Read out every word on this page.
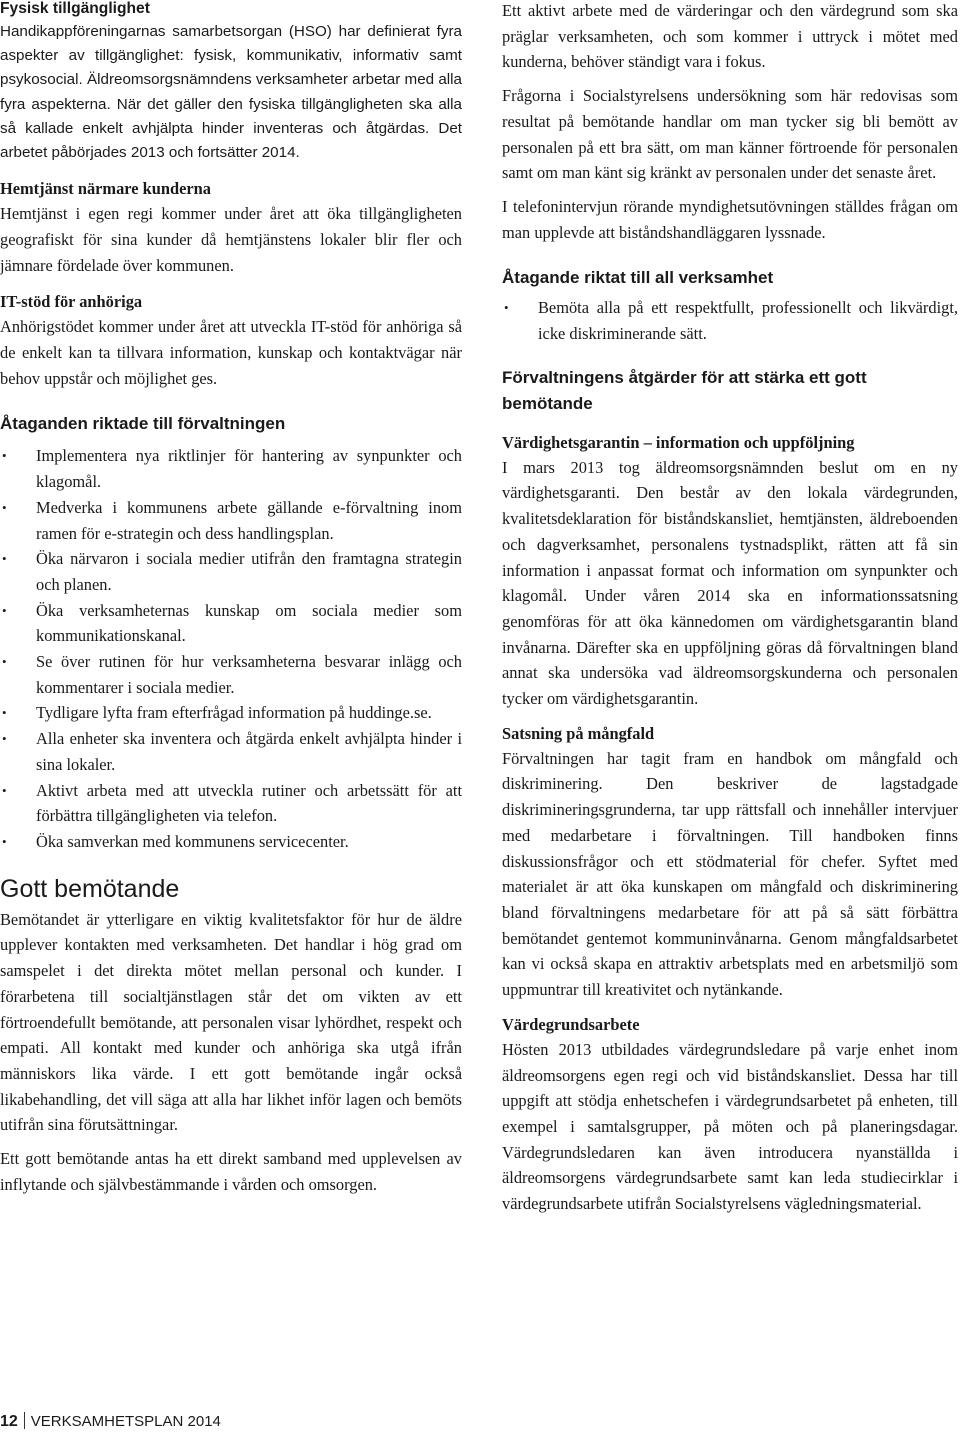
Fysisk tillgänglighet

Handikappföreningarnas samarbetsorgan (HSO) har definierat fyra aspekter av tillgänglighet: fysisk, kommunikativ, informativ samt psykosocial. Äldreomsorgsnämndens verksamheter arbetar med alla fyra aspekterna. När det gäller den fysiska tillgängligheten ska alla så kallade enkelt avhjälpta hinder inventeras och åtgärdas. Det arbetet påbörjades 2013 och fortsätter 2014.

Hemtjänst närmare kunderna

Hemtjänst i egen regi kommer under året att öka tillgängligheten geografiskt för sina kunder då hemtjänstens lokaler blir fler och jämnare fördelade över kommunen.

IT-stöd för anhöriga

Anhörigstödet kommer under året att utveckla IT-stöd för anhöriga så de enkelt kan ta tillvara information, kunskap och kontaktvägar när behov uppstår och möjlighet ges.

Åtaganden riktade till förvaltningen
• Implementera nya riktlinjer för hantering av synpunkter och klagomål.
• Medverka i kommunens arbete gällande e-förvaltning inom ramen för e-strategin och dess handlingsplan.
• Öka närvaron i sociala medier utifrån den framtagna strategin och planen.
• Öka verksamheternas kunskap om sociala medier som kommunikationskanal.
• Se över rutinen för hur verksamheterna besvarar inlägg och kommentarer i sociala medier.
• Tydligare lyfta fram efterfrågad information på huddinge.se.
• Alla enheter ska inventera och åtgärda enkelt avhjälpta hinder i sina lokaler.
• Aktivt arbeta med att utveckla rutiner och arbetssätt för att förbättra tillgängligheten via telefon.
• Öka samverkan med kommunens servicecenter.
Gott bemötande

Bemötandet är ytterligare en viktig kvalitetsfaktor för hur de äldre upplever kontakten med verksamheten. Det handlar i hög grad om samspelet i det direkta mötet mellan personal och kunder. I förarbetena till socialtjänstlagen står det om vikten av ett förtroendefullt bemötande, att personalen visar lyhördhet, respekt och empati. All kontakt med kunder och anhöriga ska utgå ifrån människors lika värde. I ett gott bemötande ingår också likabehandling, det vill säga att alla har likhet inför lagen och bemöts utifrån sina förutsättningar.

Ett gott bemötande antas ha ett direkt samband med upplevelsen av inflytande och självbestämmande i vården och omsorgen.

Ett aktivt arbete med de värderingar och den värdegrund som ska präglar verksamheten, och som kommer i uttryck i mötet med kunderna, behöver ständigt vara i fokus.

Frågorna i Socialstyrelsens undersökning som här redovisas som resultat på bemötande handlar om man tycker sig bli bemött av personalen på ett bra sätt, om man känner förtroende för personalen samt om man känt sig kränkt av personalen under det senaste året.

I telefonintervjun rörande myndighetsutövningen ställdes frågan om man upplevde att biståndshandläggaren lyssnade.

Åtagande riktat till all verksamhet
• Bemöta alla på ett respektfullt, professionellt och likvärdigt, icke diskriminerande sätt.
Förvaltningens åtgärder för att stärka ett gott bemötande
Värdighetsgarantin – information och uppföljning

I mars 2013 tog äldreomsorgsnämnden beslut om en ny värdighetsgaranti. Den består av den lokala värdegrunden, kvalitetsdeklaration för biståndskansliet, hemtjänsten, äldreboenden och dagverksamhet, personalens tystnadsplikt, rätten att få sin information i anpassat format och information om synpunkter och klagomål. Under våren 2014 ska en informationssatsning genomföras för att öka kännedomen om värdighetsgarantin bland invånarna. Därefter ska en uppföljning göras då förvaltningen bland annat ska undersöka vad äldreomsorgskunderna och personalen tycker om värdighetsgarantin.

Satsning på mångfald

Förvaltningen har tagit fram en handbok om mångfald och diskriminering. Den beskriver de lagstadgade diskrimineringsgrunderna, tar upp rättsfall och innehåller intervjuer med medarbetare i förvaltningen. Till handboken finns diskussionsfrågor och ett stödmaterial för chefer. Syftet med materialet är att öka kunskapen om mångfald och diskriminering bland förvaltningens medarbetare för att på så sätt förbättra bemötandet gentemot kommuninvånarna. Genom mångfaldsarbetet kan vi också skapa en attraktiv arbetsplats med en arbetsmiljö som uppmuntrar till kreativitet och nytänkande.

Värdegrundsarbete

Hösten 2013 utbildades värdegrundsledare på varje enhet inom äldreomsorgens egen regi och vid biståndskansliet. Dessa har till uppgift att stödja enhetschefen i värdegrundsarbetet på enheten, till exempel i samtalsgrupper, på möten och på planeringsdagar. Värdegrundsledaren kan även introducera nyanställda i äldreomsorgens värdegrundsarbete samt kan leda studiecirklar i värdegrundsarbete utifrån Socialstyrelsens vägledningsmaterial.

12 VERKSAMHETSPLAN 2014
